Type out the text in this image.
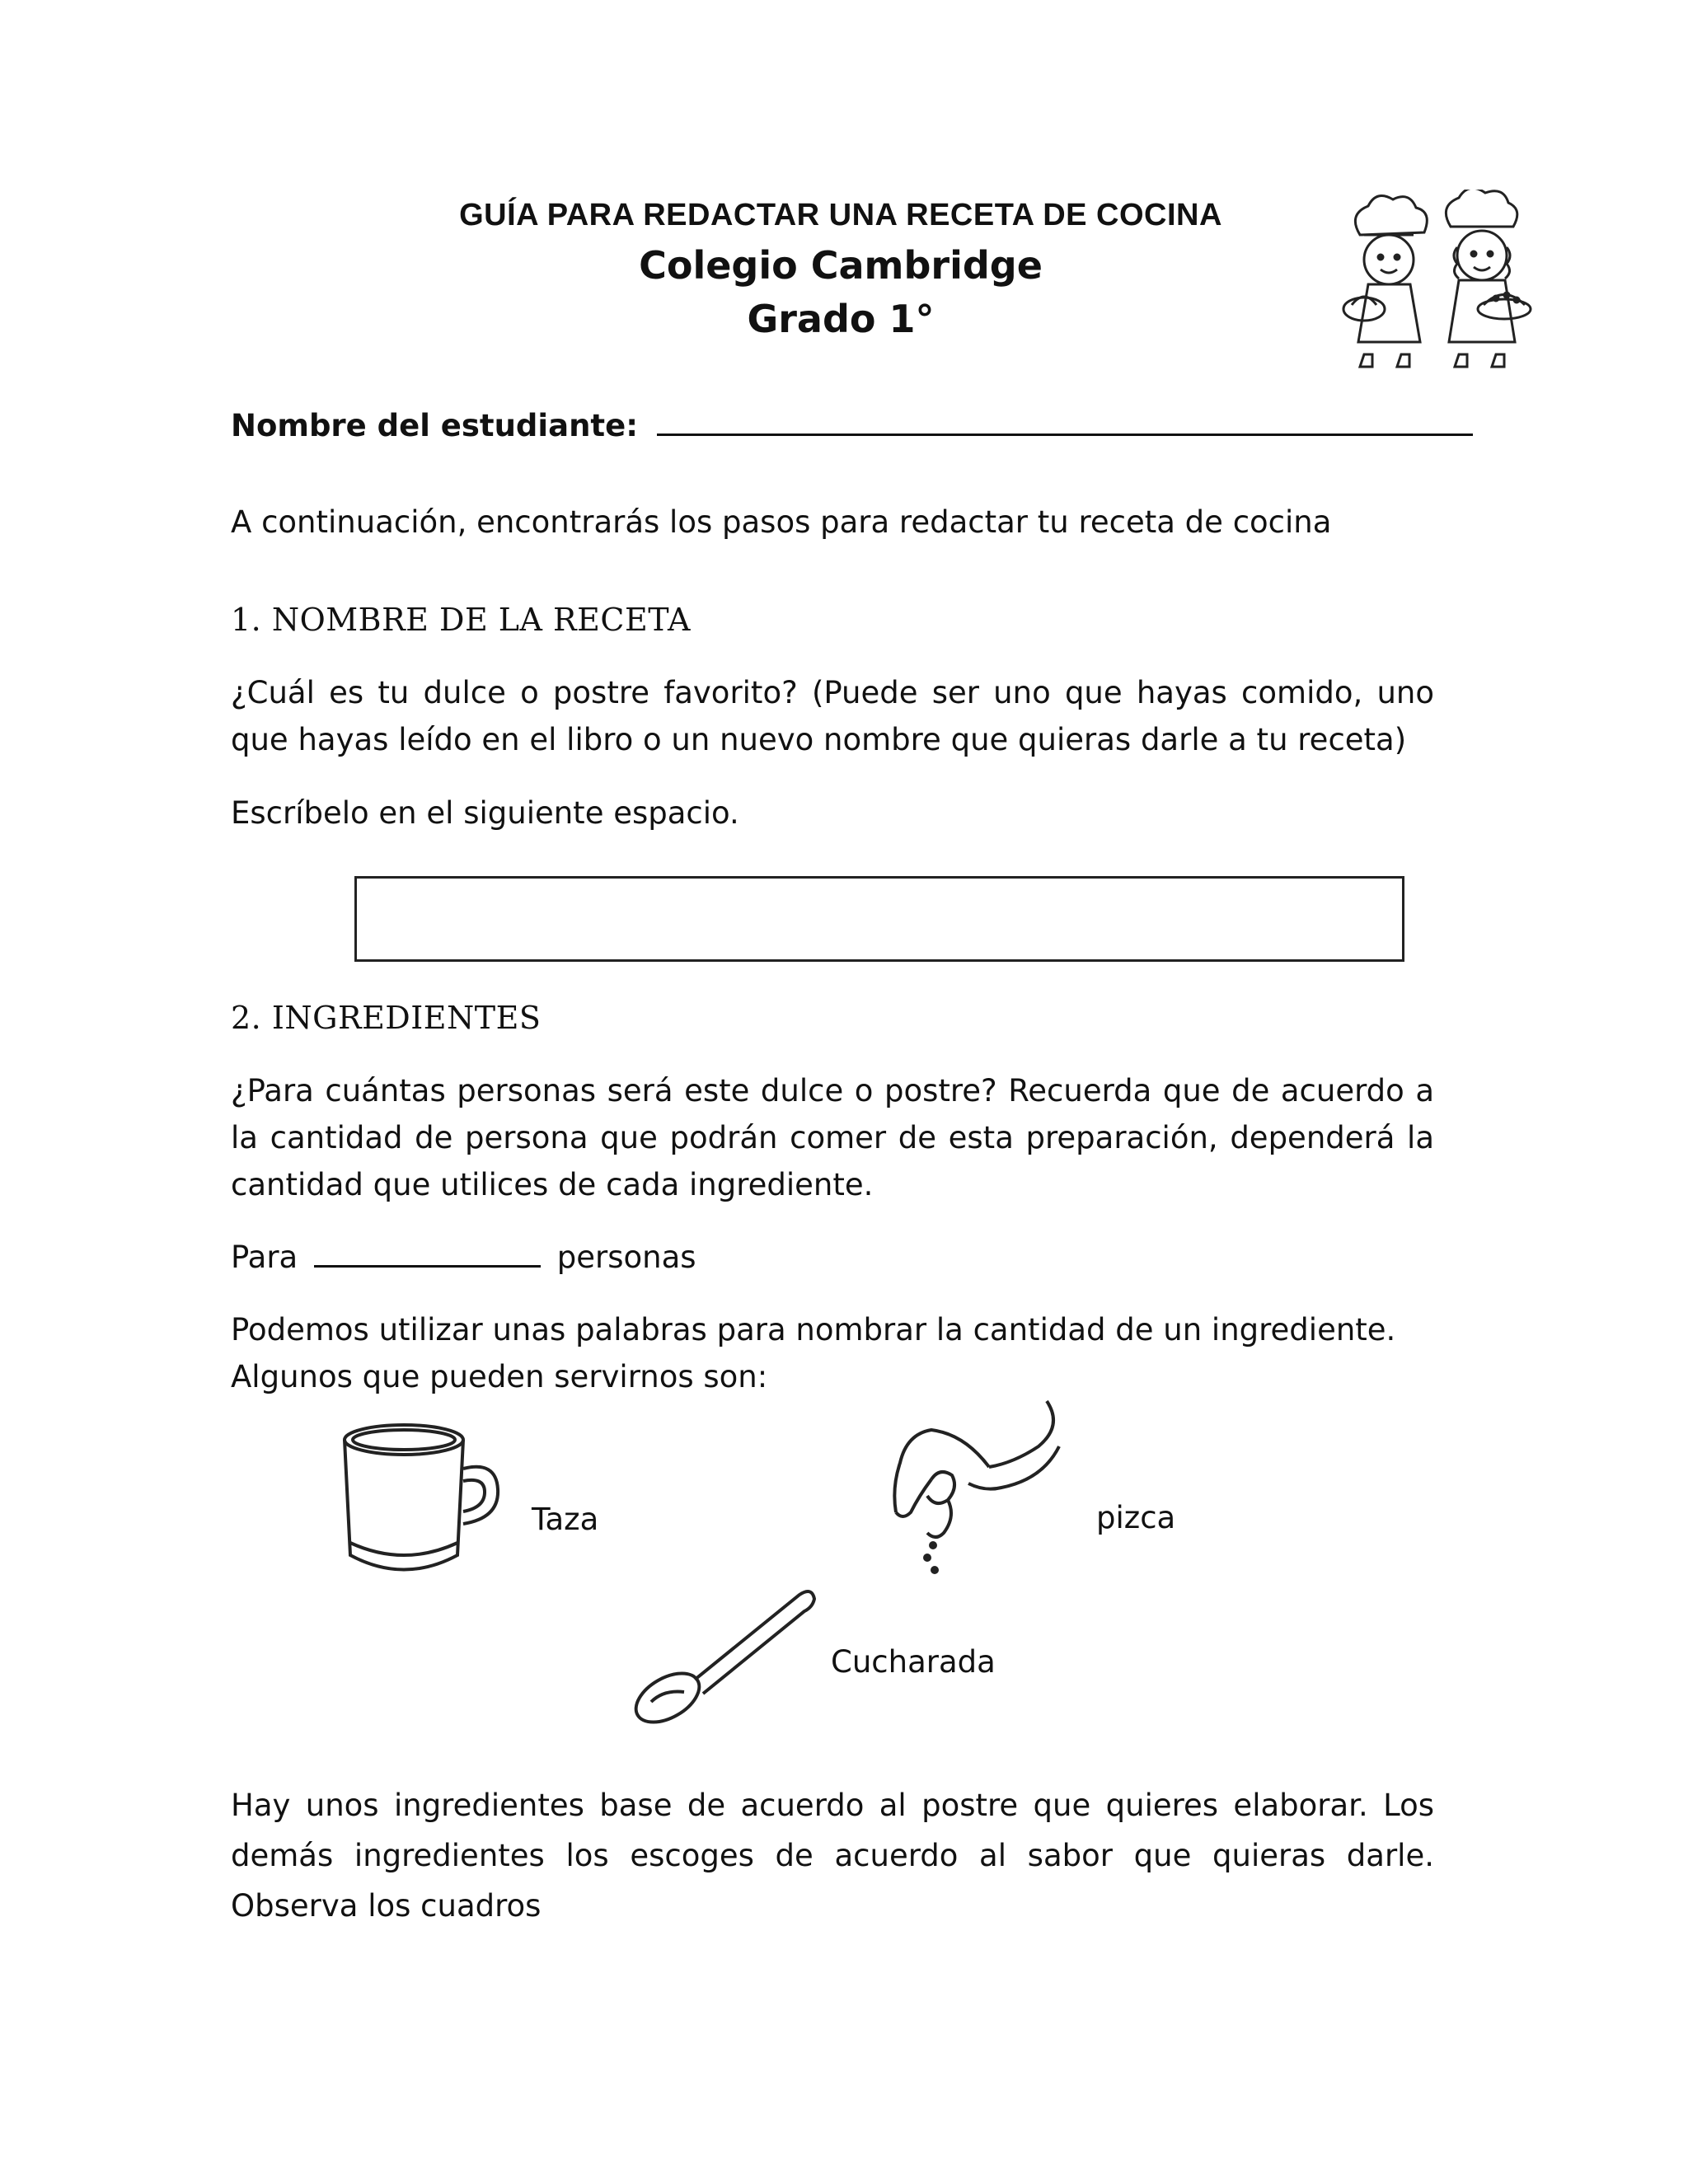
GUÍA PARA REDACTAR UNA RECETA DE COCINA
Colegio Cambridge
Grado 1°
Nombre del estudiante:
A continuación, encontrarás los pasos para redactar tu receta de cocina
1. NOMBRE DE LA RECETA
¿Cuál es tu dulce o postre favorito? (Puede ser uno que hayas comido, uno que hayas leído en el libro o un nuevo nombre que quieras darle a tu receta)
Escríbelo en el siguiente espacio.
2. INGREDIENTES
¿Para cuántas personas será este dulce o postre? Recuerda que de acuerdo a la cantidad de persona que podrán comer de esta preparación, dependerá la cantidad que utilices de cada ingrediente.
Para	personas
Podemos utilizar unas palabras para nombrar la cantidad de un ingrediente.
Algunos que pueden servirnos son:
Taza	pizca
Cucharada
Hay unos ingredientes base de acuerdo al postre que quieres elaborar. Los demás ingredientes los escoges de acuerdo al sabor que quieras darle. Observa los cuadros
